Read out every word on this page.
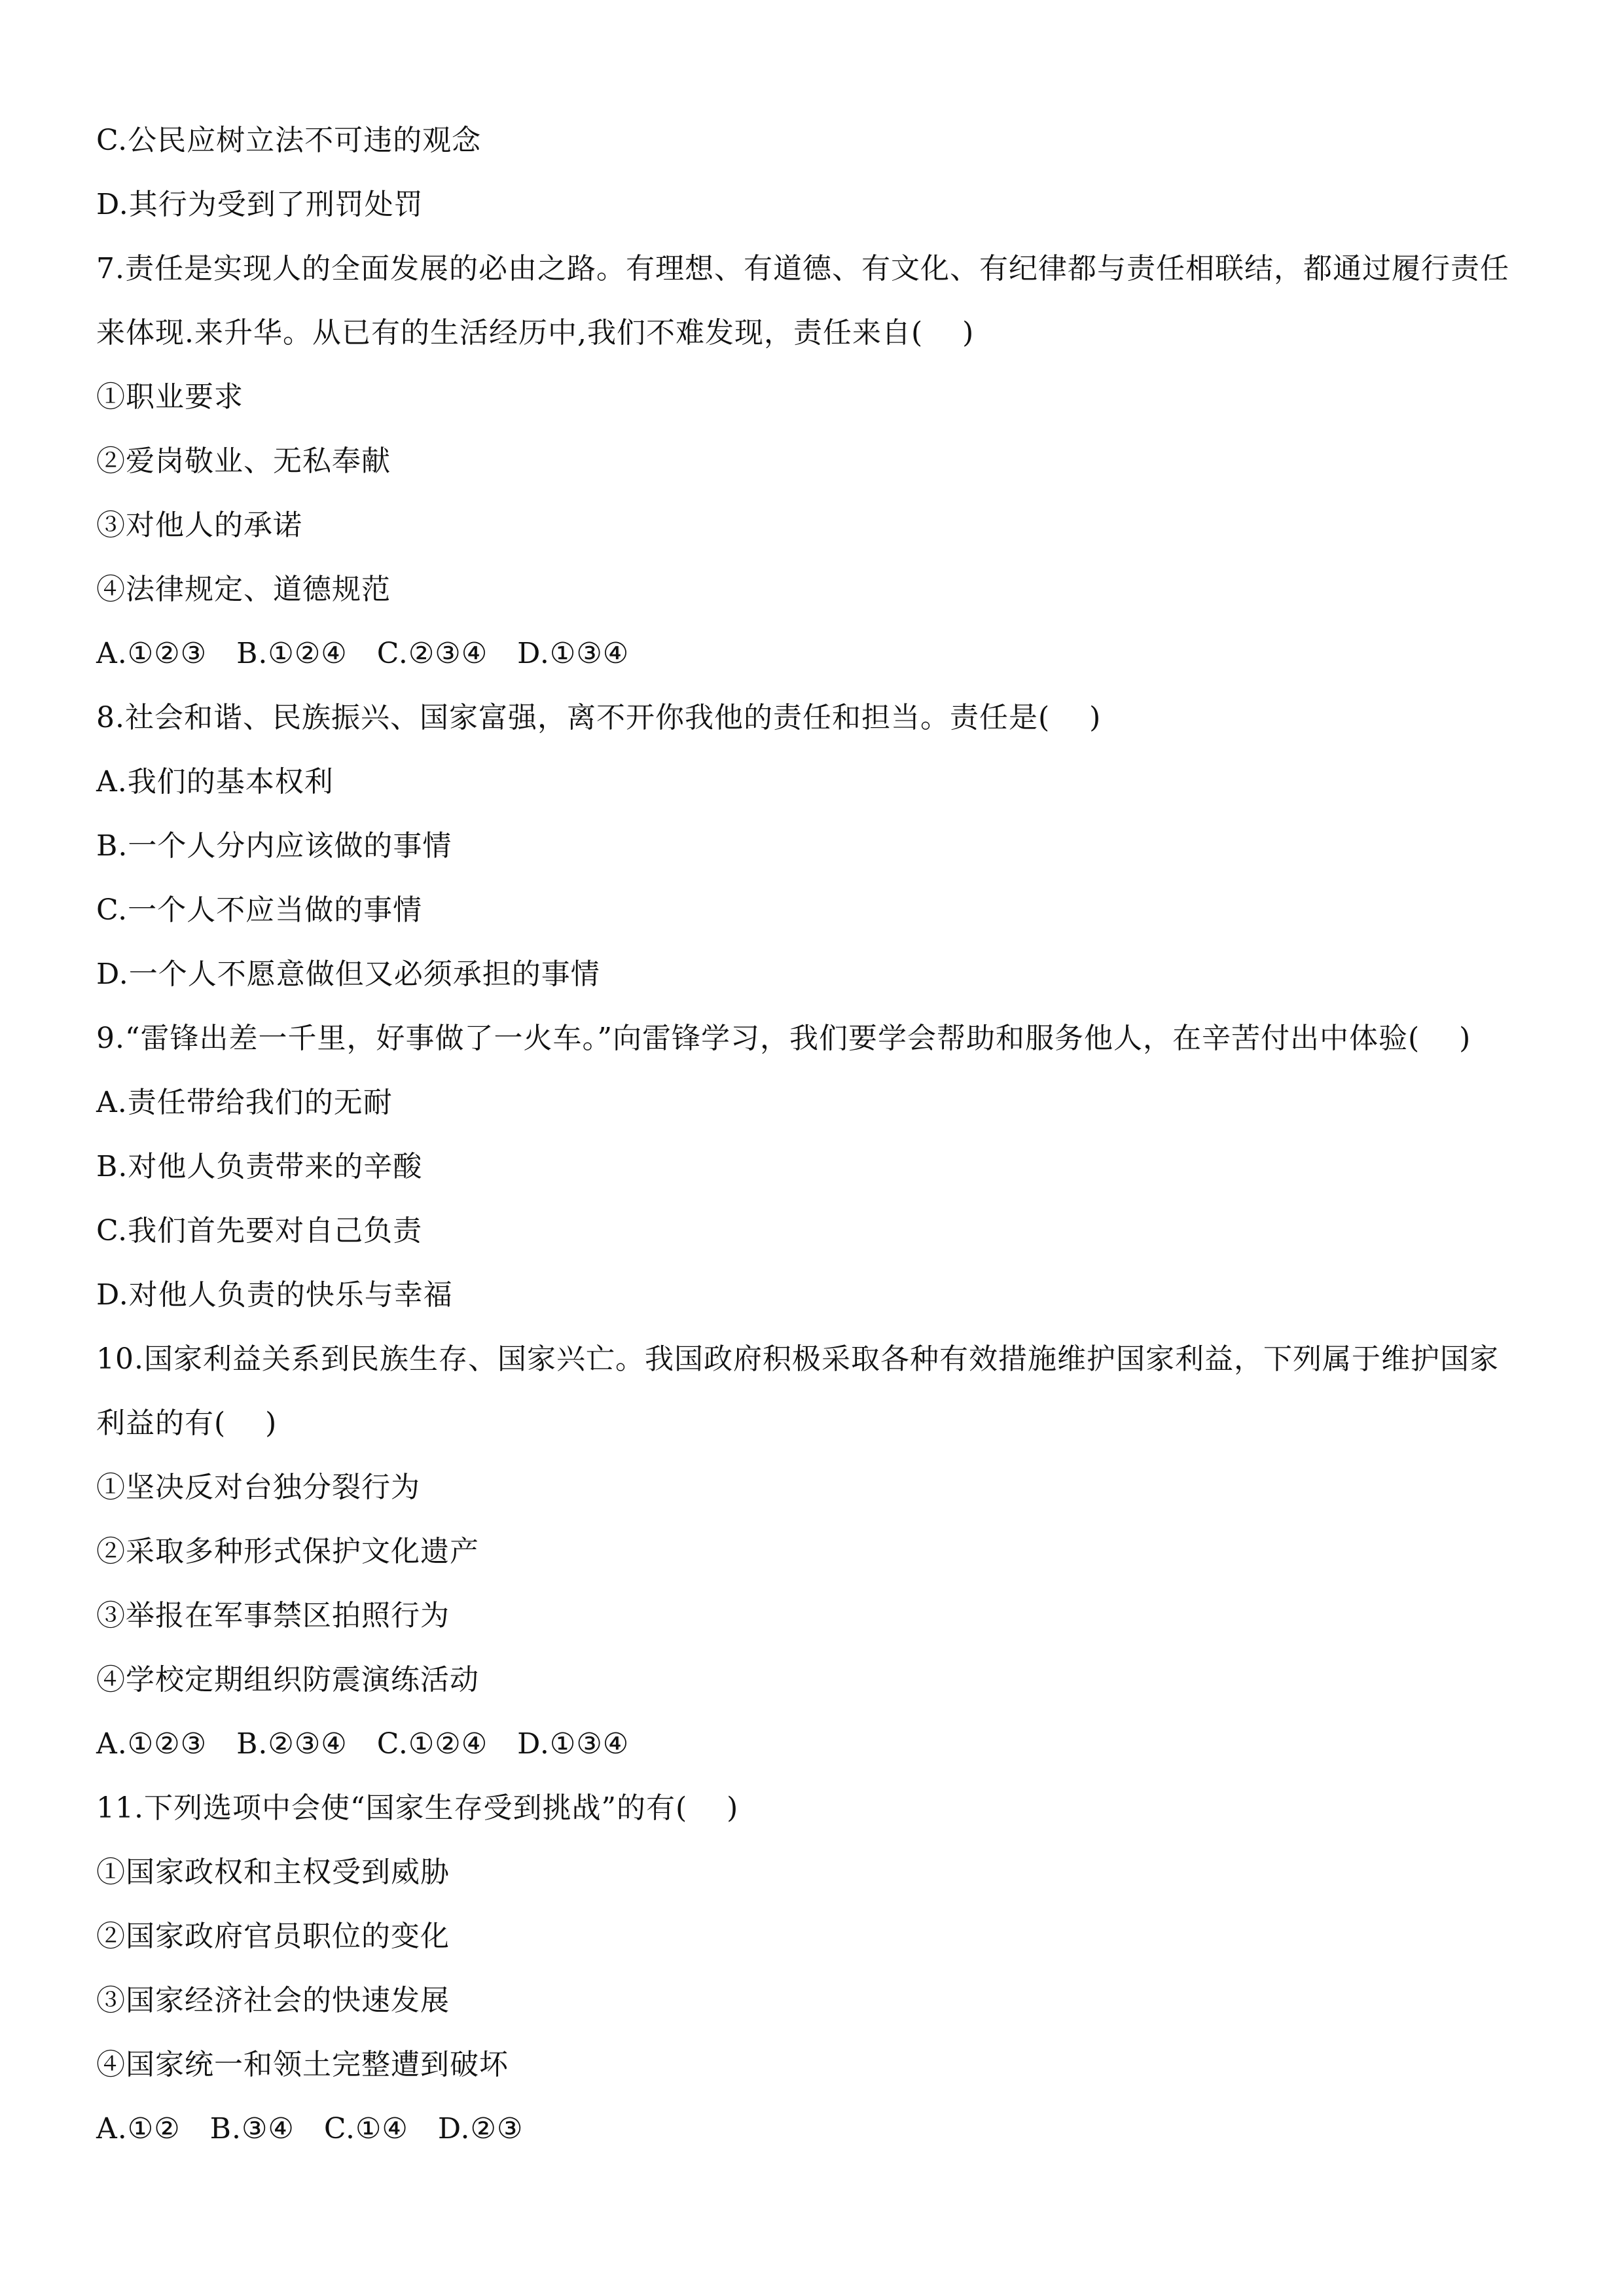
C.公民应树立法不可违的观念
D.其行为受到了刑罚处罚
7.责任是实现人的全面发展的必由之路。有理想、有道德、有文化、有纪律都与责任相联结，都通过履行责任
来体现.来升华。从已有的生活经历中,我们不难发现，责任来自(　 )
①职业要求
②爱岗敬业、无私奉献
③对他人的承诺
④法律规定、道德规范
A.①②③　B.①②④　C.②③④　D.①③④
8.社会和谐、民族振兴、国家富强，离不开你我他的责任和担当。责任是(　 )
A.我们的基本权利
B.一个人分内应该做的事情
C.一个人不应当做的事情
D.一个人不愿意做但又必须承担的事情
9.“雷锋出差一千里，好事做了一火车。”向雷锋学习，我们要学会帮助和服务他人，在辛苦付出中体验(　 )
A.责任带给我们的无耐
B.对他人负责带来的辛酸
C.我们首先要对自己负责
D.对他人负责的快乐与幸福
10.国家利益关系到民族生存、国家兴亡。我国政府积极采取各种有效措施维护国家利益，下列属于维护国家
利益的有(　 )
①坚决反对台独分裂行为
②采取多种形式保护文化遗产
③举报在军事禁区拍照行为
④学校定期组织防震演练活动
A.①②③　B.②③④　C.①②④　D.①③④
11.下列选项中会使“国家生存受到挑战”的有(　 )
①国家政权和主权受到威胁
②国家政府官员职位的变化
③国家经济社会的快速发展
④国家统一和领土完整遭到破坏
A.①②　B.③④　C.①④　D.②③
